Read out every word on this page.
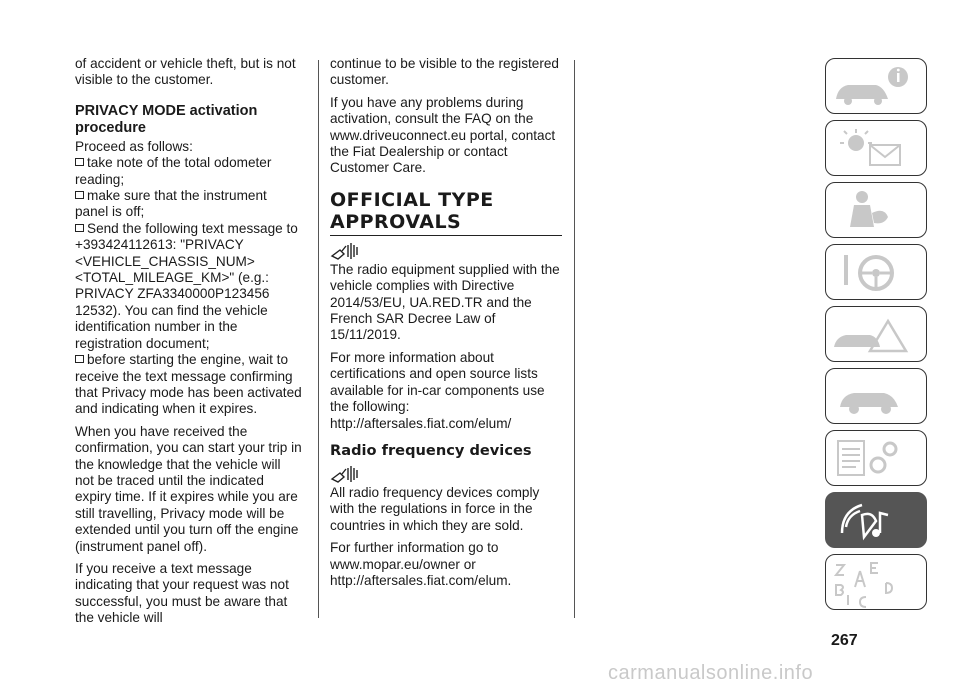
of accident or vehicle theft, but is not visible to the customer.

PRIVACY MODE activation procedure

Proceed as follows:

take note of the total odometer reading;
make sure that the instrument panel is off;
Send the following text message to +393424112613: "PRIVACY <VEHICLE_CHASSIS_NUM> <TOTAL_MILEAGE_KM>" (e.g.: PRIVACY ZFA3340000P123456 12532). You can find the vehicle identification number in the registration document;
before starting the engine, wait to receive the text message confirming that Privacy mode has been activated and indicating when it expires.

When you have received the confirmation, you can start your trip in the knowledge that the vehicle will not be traced until the indicated expiry time. If it expires while you are still travelling, Privacy mode will be extended until you turn off the engine (instrument panel off).

If you receive a text message indicating that your request was not successful, you must be aware that the vehicle will

continue to be visible to the registered customer.

If you have any problems during activation, consult the FAQ on the www.driveuconnect.eu portal, contact the Fiat Dealership or contact Customer Care.

OFFICIAL TYPE APPROVALS

The radio equipment supplied with the vehicle complies with Directive 2014/53/EU, UA.RED.TR and the French SAR Decree Law of 15/11/2019.

For more information about certifications and open source lists available for in-car components use the following: http://aftersales.fiat.com/elum/

Radio frequency devices

All radio frequency devices comply with the regulations in force in the countries in which they are sold.

For further information go to www.mopar.eu/owner or http://aftersales.fiat.com/elum.

267
carmanualsonline.info
